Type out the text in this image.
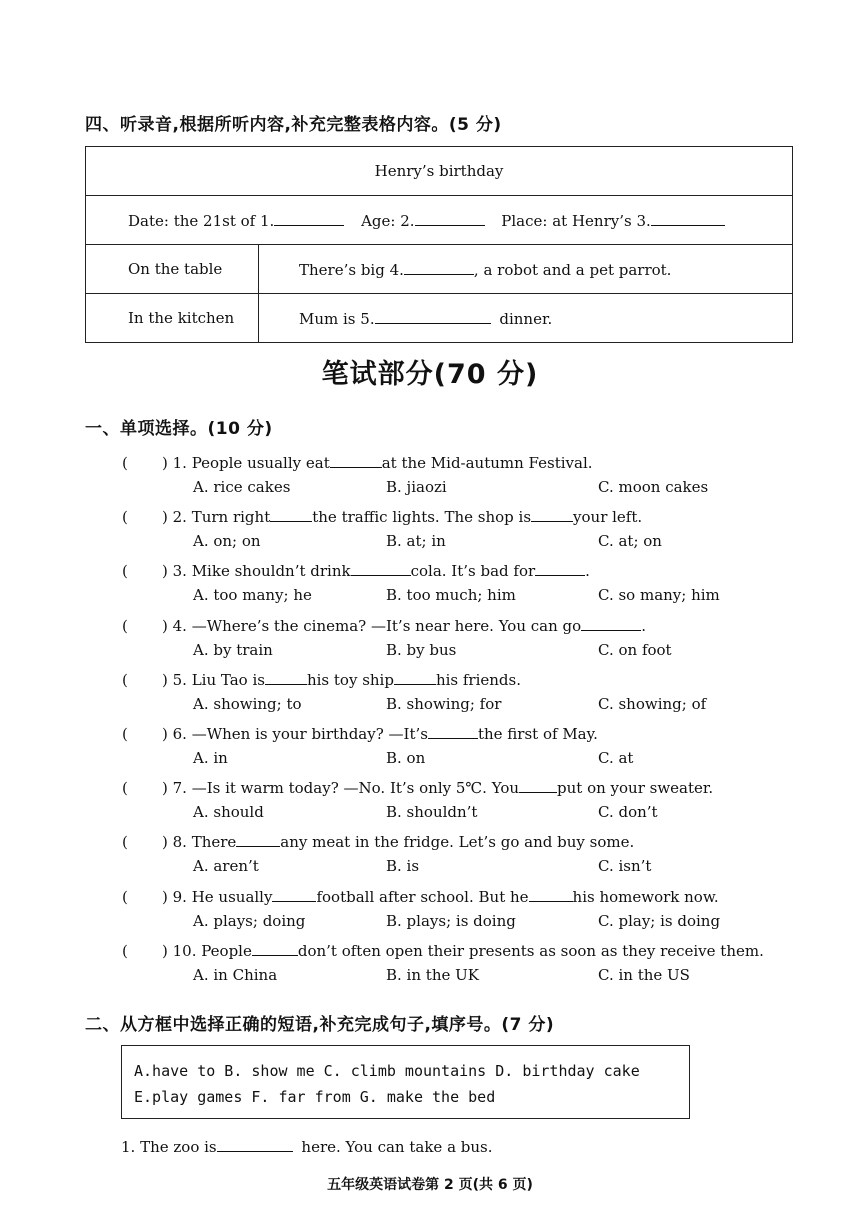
四、听录音,根据所听内容,补充完整表格内容。(5 分)
Henry’s birthday	
Date: the 21st of 1. Age: 2. Place: at Henry’s 3.	
On the table	There’s big 4. , a robot and a pet parrot.
In the kitchen	Mum is 5. dinner.
笔试部分(70 分)
一、单项选择。(10 分)
( ) 1. People usually eat	at the Mid-autumn Festival.
A. rice cakes	B. jiaozi	C. moon cakes
( ) 2. Turn right	the traffic lights. The shop is	your left.
A. on; on	B. at; in	C. at; on
( ) 3. Mike shouldn’t drink	cola. It’s bad for	.
A. too many; he	B. too much; him	C. so many; him
( ) 4. —Where’s the cinema? —It’s near here. You can go	.
A. by train	B. by bus	C. on foot
( ) 5. Liu Tao is	his toy ship	his friends.
A. showing; to	B. showing; for	C. showing; of
( ) 6. —When is your birthday? —It’s	the first of May.
A. in	B. on	C. at
( ) 7. —Is it warm today? —No. It’s only 5℃. You	put on your sweater.
A. should	B. shouldn’t	C. don’t
( ) 8. There	any meat in the fridge. Let’s go and buy some.
A. aren’t	B. is	C. isn’t
( ) 9. He usually	football after school. But he	his homework now.
A. plays; doing	B. plays; is doing	C. play; is doing
( ) 10. People	don’t often open their presents as soon as they receive them.
A. in China	B. in the UK	C. in the US
二、从方框中选择正确的短语,补充完成句子,填序号。(7 分)
A.have to B. show me C. climb mountains D. birthday cake
E.play games F. far from G. make the bed
1. The zoo is	here. You can take a bus.
五年级英语试卷第 2 页(共 6 页)
